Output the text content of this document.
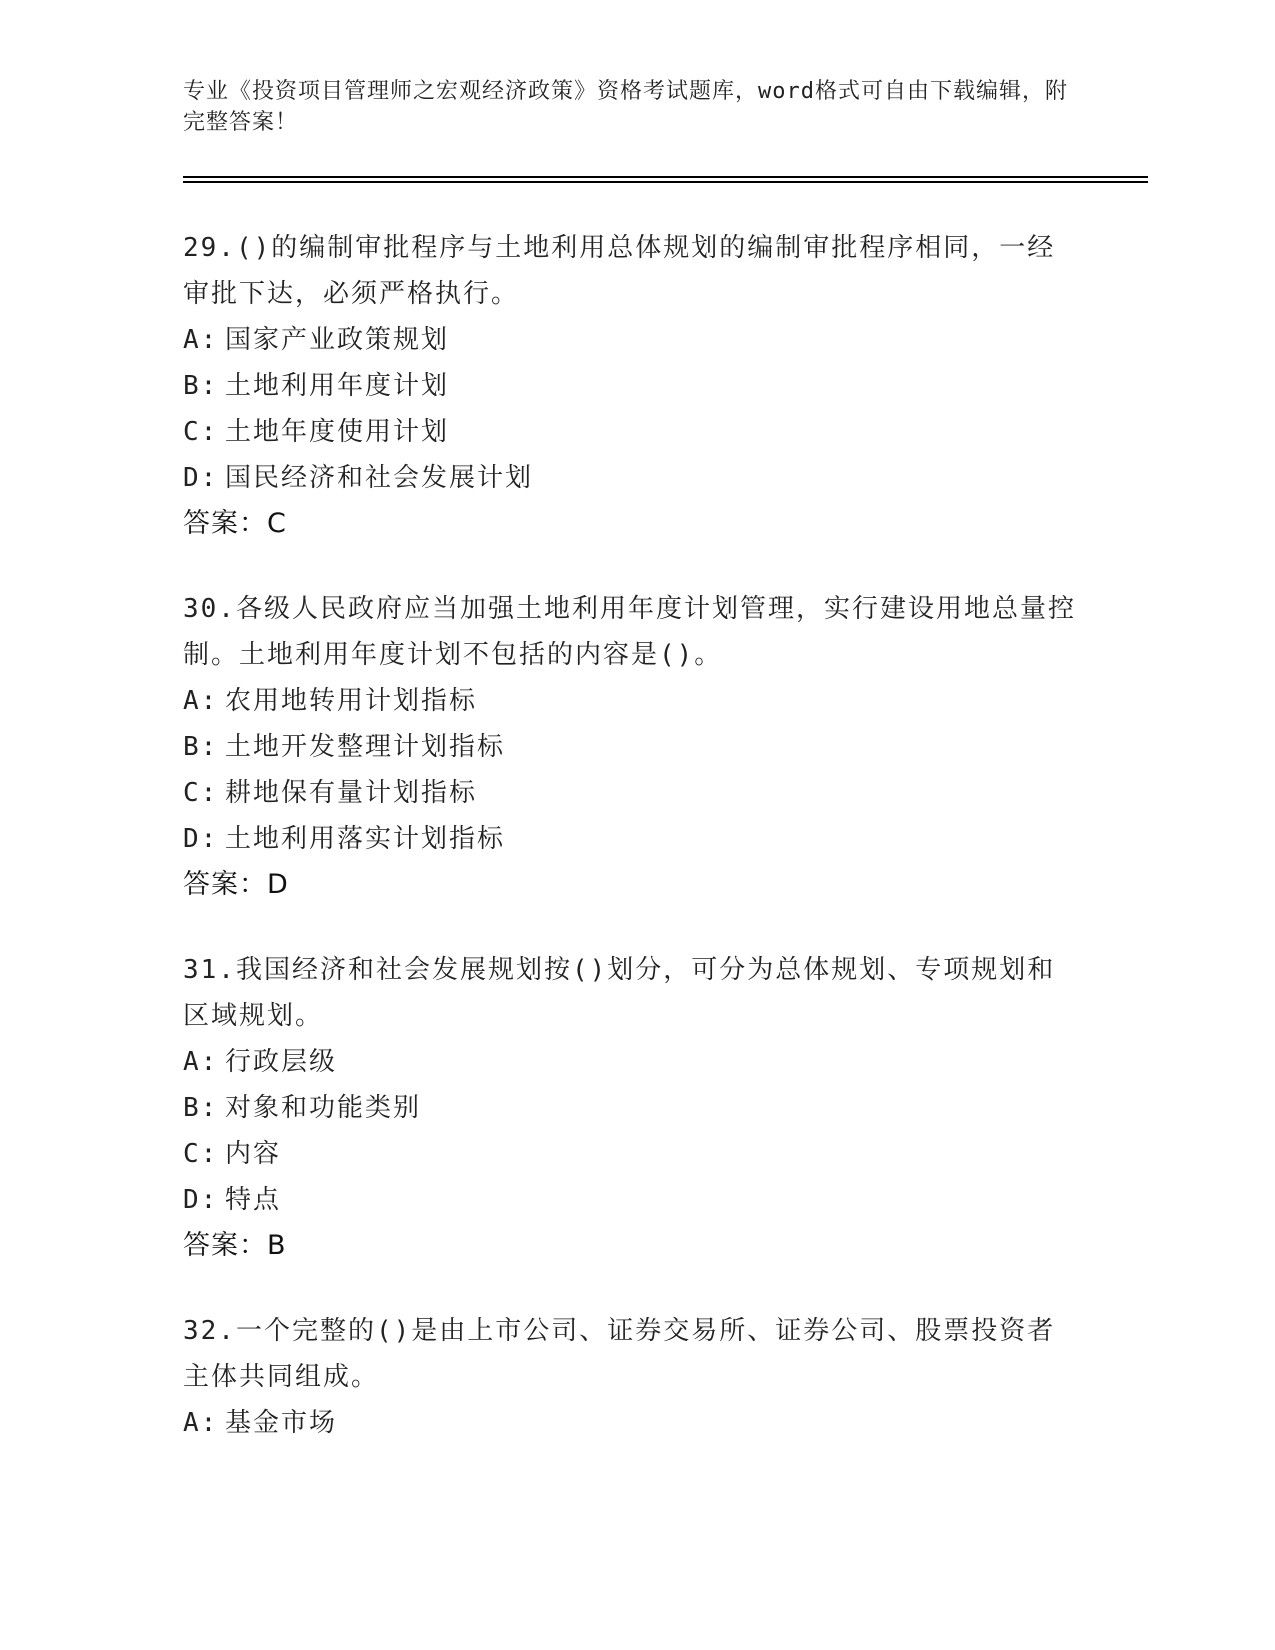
专业《投资项目管理师之宏观经济政策》资格考试题库，word格式可自由下载编辑，附完整答案！

29.()的编制审批程序与土地利用总体规划的编制审批程序相同，一经审批下达，必须严格执行。

A: 国家产业政策规划

B: 土地利用年度计划

C: 土地年度使用计划

D: 国民经济和社会发展计划

答案：C

30.各级人民政府应当加强土地利用年度计划管理，实行建设用地总量控制。土地利用年度计划不包括的内容是()。

A: 农用地转用计划指标

B: 土地开发整理计划指标

C: 耕地保有量计划指标

D: 土地利用落实计划指标

答案：D

31.我国经济和社会发展规划按()划分，可分为总体规划、专项规划和区域规划。

A: 行政层级

B: 对象和功能类别

C: 内容

D: 特点

答案：B

32.一个完整的()是由上市公司、证券交易所、证券公司、股票投资者主体共同组成。

A: 基金市场
